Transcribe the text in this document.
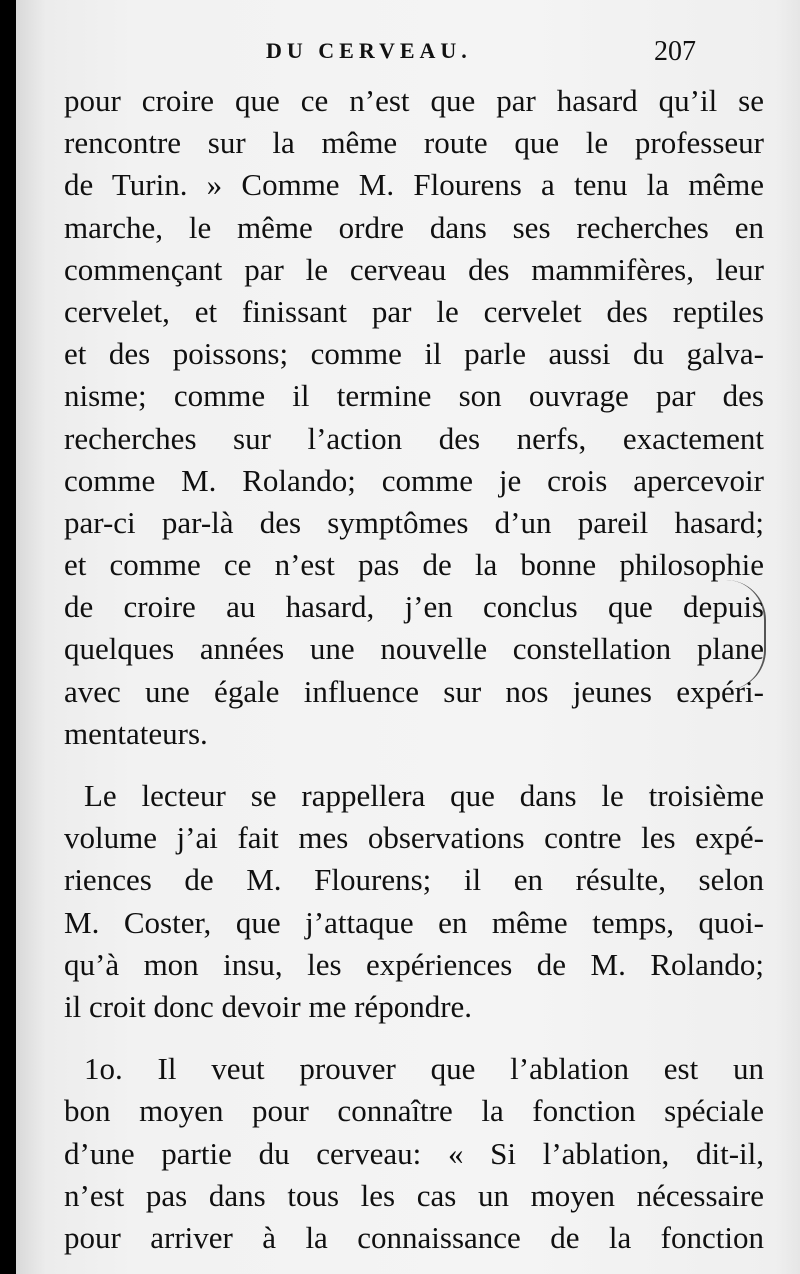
DU CERVEAU.	207
pour croire que ce n’est que par hasard qu’il se
rencontre sur la même route que le professeur
de Turin. » Comme M. Flourens a tenu la même
marche, le même ordre dans ses recherches en
commençant par le cerveau des mammifères, leur
cervelet, et finissant par le cervelet des reptiles
et des poissons; comme il parle aussi du galva-
nisme; comme il termine son ouvrage par des
recherches sur l’action des nerfs, exactement
comme M. Rolando; comme je crois apercevoir
par-ci par-là des symptômes d’un pareil hasard;
et comme ce n’est pas de la bonne philosophie
de croire au hasard, j’en conclus que depuis
quelques années une nouvelle constellation plane
avec une égale influence sur nos jeunes expéri-
mentateurs.
Le lecteur se rappellera que dans le troisième
volume j’ai fait mes observations contre les expé-
riences de M. Flourens; il en résulte, selon
M. Coster, que j’attaque en même temps, quoi-
qu’à mon insu, les expériences de M. Rolando;
il croit donc devoir me répondre.
1o. Il veut prouver que l’ablation est un
bon moyen pour connaître la fonction spéciale
d’une partie du cerveau: « Si l’ablation, dit-il,
n’est pas dans tous les cas un moyen nécessaire
pour arriver à la connaissance de la fonction
